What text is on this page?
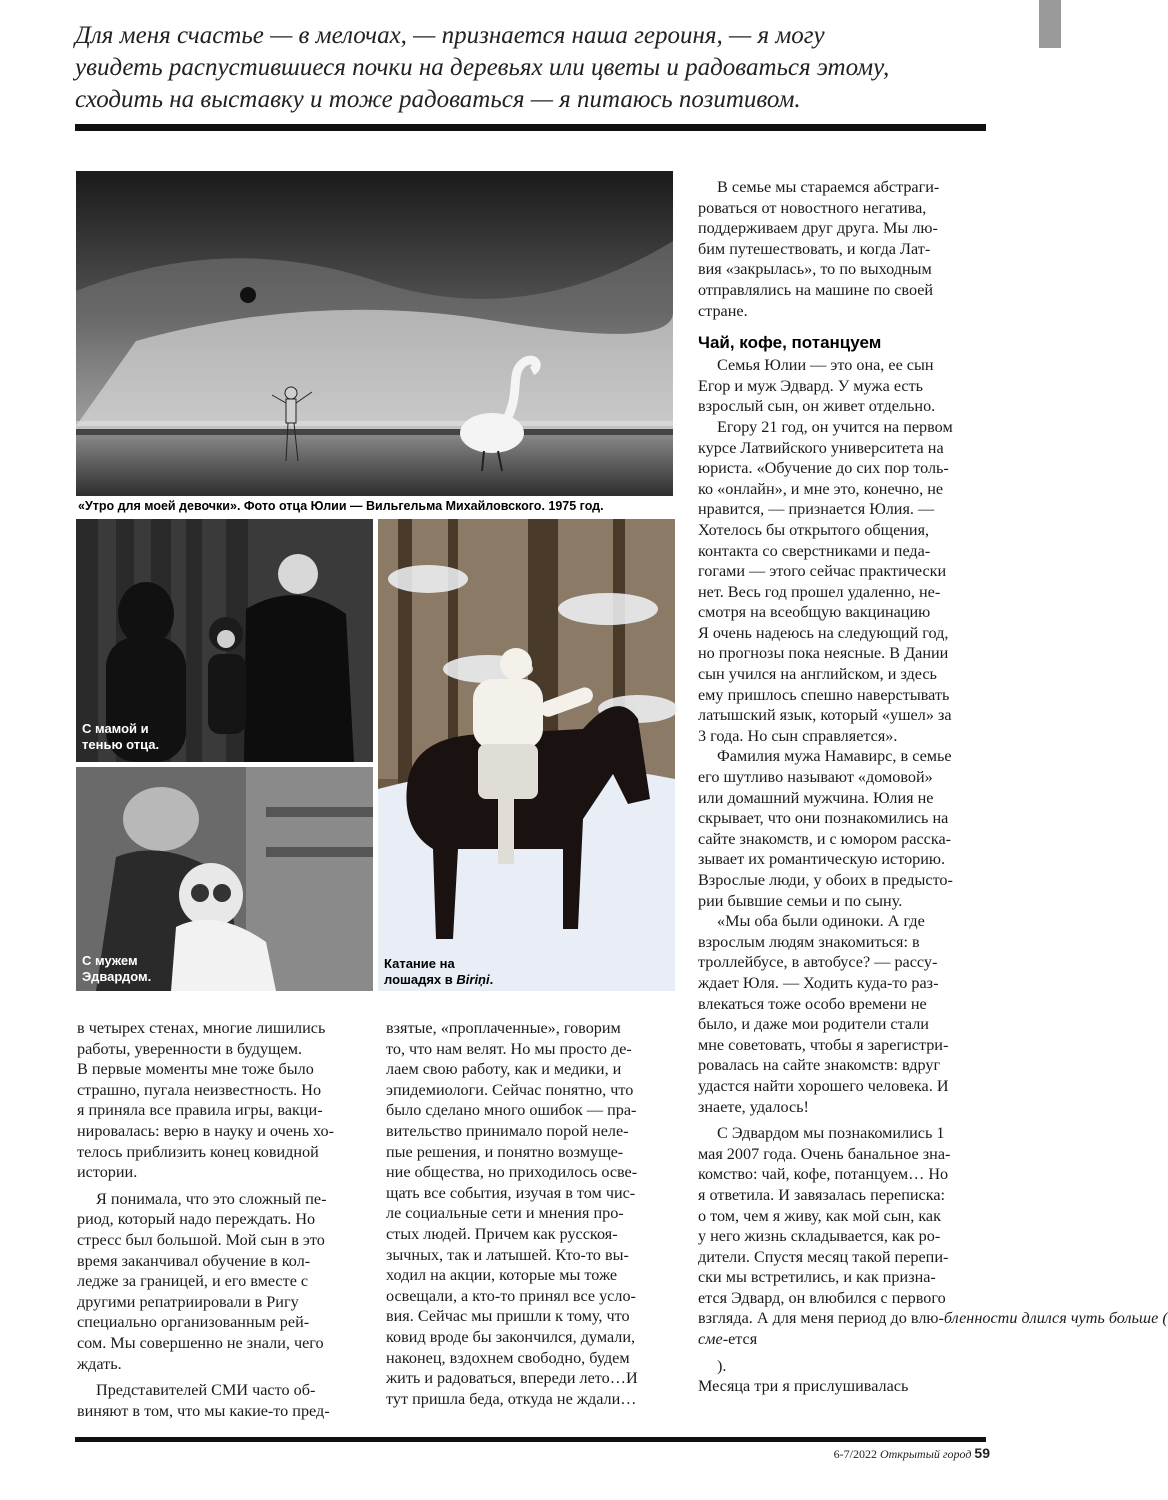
Для меня счастье — в мелочах, — признается наша героиня, — я могу
увидеть распустившиеся почки на деревьях или цветы и радоваться этому,
сходить на выставку и тоже радоваться — я питаюсь позитивом.
«Утро для моей девочки». Фото отца Юлии — Вильгельма Михайловского. 1975 год.
С мамой и
тенью отца.
С мужем
Эдвардом.
Катание на
лошадях в Biriņi.
в четырех стенах, многие лишились
работы, уверенности в будущем.
В первые моменты мне тоже было
страшно, пугала неизвестность. Но
я приняла все правила игры, вакци-
нировалась: верю в науку и очень хо-
телось приблизить конец ковидной
истории.
Я понимала, что это сложный пе-
риод, который надо переждать. Но
стресс был большой. Мой сын в это
время заканчивал обучение в кол-
ледже за границей, и его вместе с
другими репатриировали в Ригу
специально организованным рей-
сом. Мы совершенно не знали, чего
ждать.
Представителей СМИ часто об-
виняют в том, что мы какие-то пред-
взятые, «проплаченные», говорим
то, что нам велят. Но мы просто де-
лаем свою работу, как и медики, и
эпидемиологи. Сейчас понятно, что
было сделано много ошибок — пра-
вительство принимало порой нелe-
пые решения, и понятно возмуще-
ние общества, но приходилось осве-
щать все события, изучая в том чис-
ле социальные сети и мнения про-
стых людей. Причем как русскоя-
зычных, так и латышей. Кто-то вы-
ходил на акции, которые мы тоже
освещали, а кто-то принял все усло-
вия. Сейчас мы пришли к тому, что
ковид вроде бы закончился, думали,
наконец, вздохнем свободно, будем
жить и радоваться, впереди лето…И
тут пришла беда, откуда не ждали…
В семье мы стараемся абстраги-
роваться от новостного негатива,
поддерживаем друг друга. Мы лю-
бим путешествовать, и когда Лат-
вия «закрылась», то по выходным
отправлялись на машине по своей
стране.
Чай, кофе, потанцуем
Семья Юлии — это она, ее сын
Егор и муж Эдвард. У мужа есть
взрослый сын, он живет отдельно.
Егору 21 год, он учится на первом
курсе Латвийского университета на
юриста. «Обучение до сих пор толь-
ко «онлайн», и мне это, конечно, не
нравится, — признается Юлия. —
Хотелось бы открытого общения,
контакта со сверстниками и педа-
гогами — этого сейчас практически
нет. Весь год прошел удаленно, не-
смотря на всеобщую вакцинацию
Я очень надеюсь на следующий год,
но прогнозы пока неясные. В Дании
сын учился на английском, и здесь
ему пришлось спешно наверстывать
латышский язык, который «ушел» за
3 года. Но сын справляется».
Фамилия мужа Намавирс, в семье
его шутливо называют «домовой»
или домашний мужчина. Юлия не
скрывает, что они познакомились на
сайте знакомств, и с юмором расска-
зывает их романтическую историю.
Взрослые люди, у обоих в предысто-
рии бывшие семьи и по сыну.
«Мы оба были одиноки. А где
взрослым людям знакомиться: в
троллейбусе, в автобусе? — рассу-
ждает Юля. — Ходить куда-то раз-
влекаться тоже особо времени не
было, и даже мои родители стали
мне советовать, чтобы я зарегистри-
ровалась на сайте знакомств: вдруг
удастся найти хорошего человека. И
знаете, удалось!
С Эдвардом мы познакомились 1
мая 2007 года. Очень банальное зна-
комство: чай, кофе, потанцуем… Но
я ответила. И завязалась переписка:
о том, чем я живу, как мой сын, как
у него жизнь складывается, как ро-
дители. Спустя месяц такой перепи-
ски мы встретились, и как призна-
ется Эдвард, он влюбился с первого
взгляда. А для меня период до влю-бленности длился чуть больше (
сме-ется
).
Месяца три я прислушивалась
6-7/2022 Открытый город 59
